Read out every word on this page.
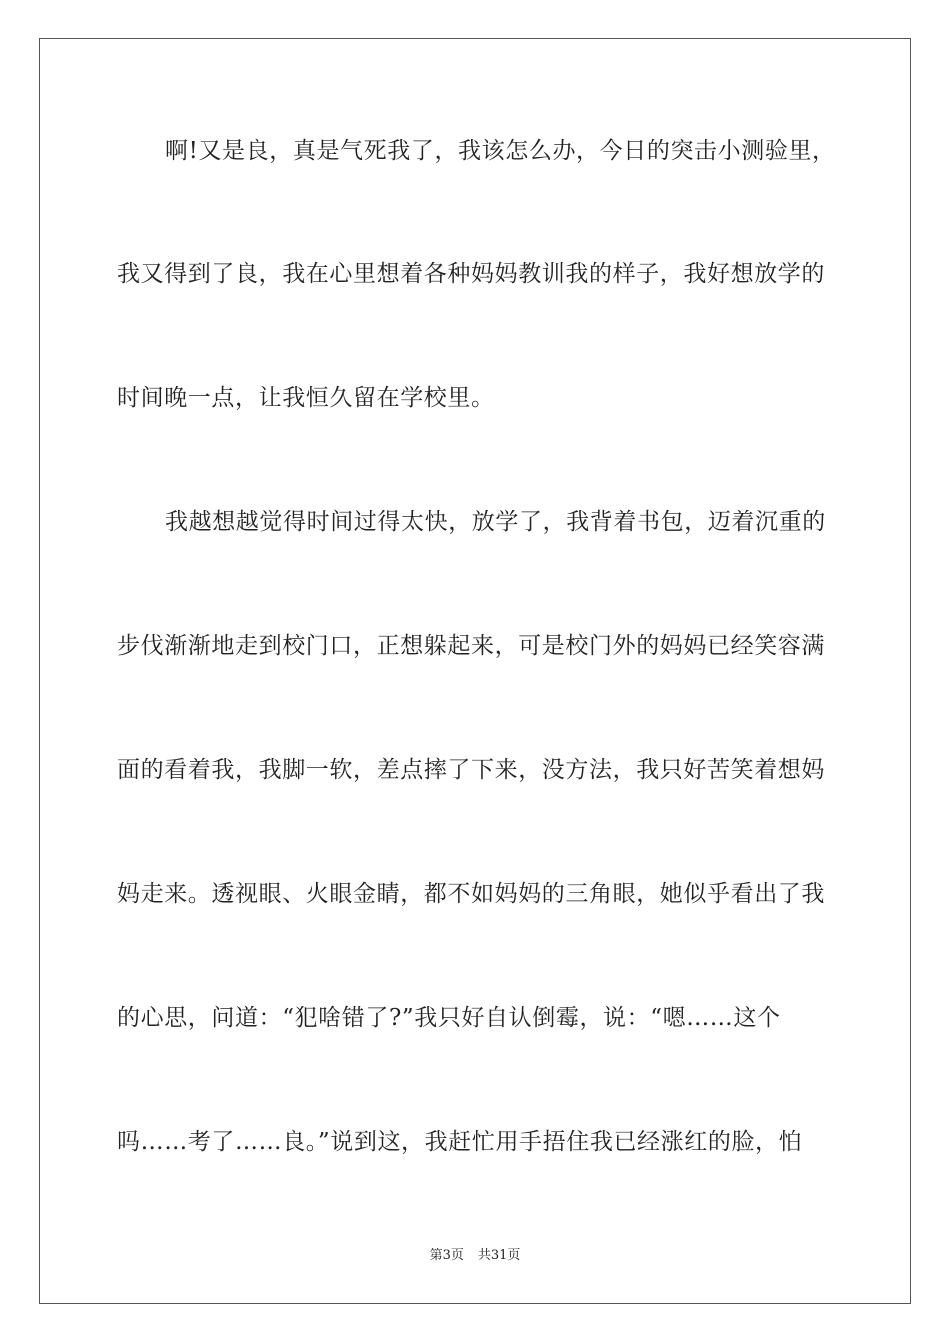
啊!又是良，真是气死我了，我该怎么办，今日的突击小测验里，
我又得到了良，我在心里想着各种妈妈教训我的样子，我好想放学的
时间晚一点，让我恒久留在学校里。
我越想越觉得时间过得太快，放学了，我背着书包，迈着沉重的
步伐渐渐地走到校门口，正想躲起来，可是校门外的妈妈已经笑容满
面的看着我，我脚一软，差点摔了下来，没方法，我只好苦笑着想妈
妈走来。透视眼、火眼金睛，都不如妈妈的三角眼，她似乎看出了我
的心思，问道：“犯啥错了?”我只好自认倒霉，说：“嗯……这个
吗……考了……良。”说到这，我赶忙用手捂住我已经涨红的脸，怕
第3页 共31页
